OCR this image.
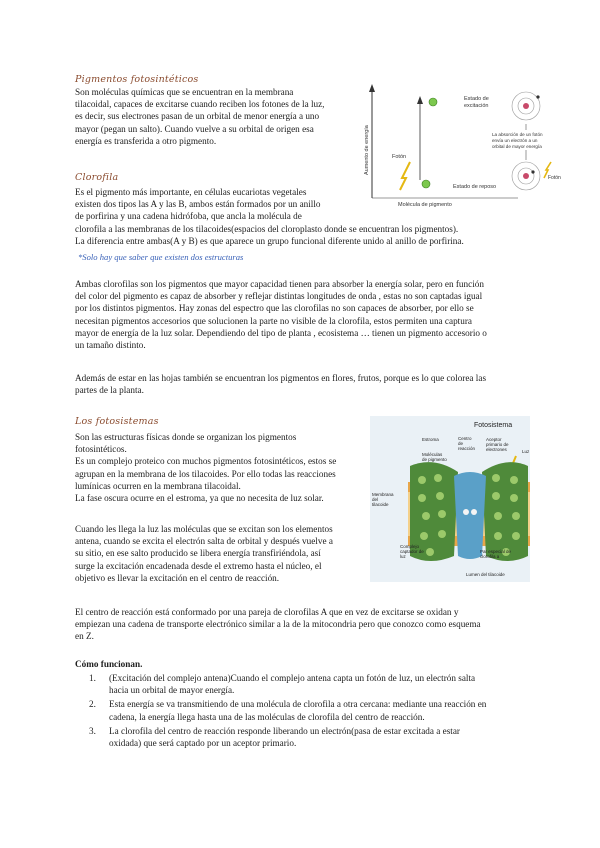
Pigmentos fotosintéticos
Son moléculas químicas que se encuentran en la membrana
tilacoidal, capaces de excitarse cuando reciben los fotones de la luz,
es decir, sus electrones pasan de un orbital de menor energía a uno
mayor (pegan un salto). Cuando vuelve a su orbital de origen esa
energía es transferida a otro pigmento.	Aumento de energía	Fotón
Estado de
excitación
Estado de reposo
Molécula de pigmento
La absorción de un fotón
envía un electrón a un
orbital de mayor energía
Fotón
Clorofila
Es el pigmento más importante, en células eucariotas vegetales
existen dos tipos las A y las B, ambos están formados por un anillo
de porfirina y una cadena hidrófoba, que ancla la molécula de
clorofila a las membranas de los tilacoides(espacios del cloroplasto donde se encuentran los pigmentos).
La diferencia entre ambas(A y B) es que aparece un grupo funcional diferente unido al anillo de porfirina.
*Solo hay que saber que existen dos estructuras
Ambas clorofilas son los pigmentos que mayor capacidad tienen para absorber la energía solar, pero en función
del color del pigmento es capaz de absorber y reflejar distintas longitudes de onda , estas no son captadas igual
por los distintos pigmentos. Hay zonas del espectro que las clorofilas no son capaces de absorber, por ello se
necesitan pigmentos accesorios que solucionen la parte no visible de la clorofila, estos permiten una captura
mayor de energía de la luz solar. Dependiendo del tipo de planta , ecosistema … tienen un pigmento accesorio o
un tamaño distinto.
Además de estar en las hojas también se encuentran los pigmentos en flores, frutos, porque es lo que colorea las
partes de la planta.
Los fotosistemas
Son las estructuras físicas donde se organizan los pigmentos
fotosintéticos.
Es un complejo proteico con muchos pigmentos fotosintéticos, estos se
agrupan en la membrana de los tilacoides. Por ello todas las reacciones
lumínicas ocurren en la membrana tilacoidal.
La fase oscura ocurre en el estroma, ya que no necesita de luz solar.
Cuando les llega la luz las moléculas que se excitan son los elementos
antena, cuando se excita el electrón salta de orbital y después vuelve a
su sitio, en ese salto producido se libera energía transfiriéndola, así
surge la excitación encadenada desde el extremo hasta el núcleo, el
objetivo es llevar la excitación en el centro de reacción.
Fotosistema
Estroma	Centro
de
reacción
Aceptor
primario de
electrones	Luz
Moléculas
de pigmento
Membrana
del
tilacoide
Complejo
captador de
luz
Par especial de
clorofila a
Lumen del tilacoide
El centro de reacción está conformado por una pareja de clorofilas A que en vez de excitarse se oxidan y
empiezan una cadena de transporte electrónico similar a la de la mitocondria pero que conozco como esquema
en Z.
Cómo funcionan.
1. (Excitación del complejo antena)Cuando el complejo antena capta un fotón de luz, un electrón salta
hacia un orbital de mayor energía.
2. Esta energía se va transmitiendo de una molécula de clorofila a otra cercana: mediante una reacción en
cadena, la energía llega hasta una de las moléculas de clorofila del centro de reacción.
3. La clorofila del centro de reacción responde liberando un electrón(pasa de estar excitada a estar
oxidada) que será captado por un aceptor primario.
